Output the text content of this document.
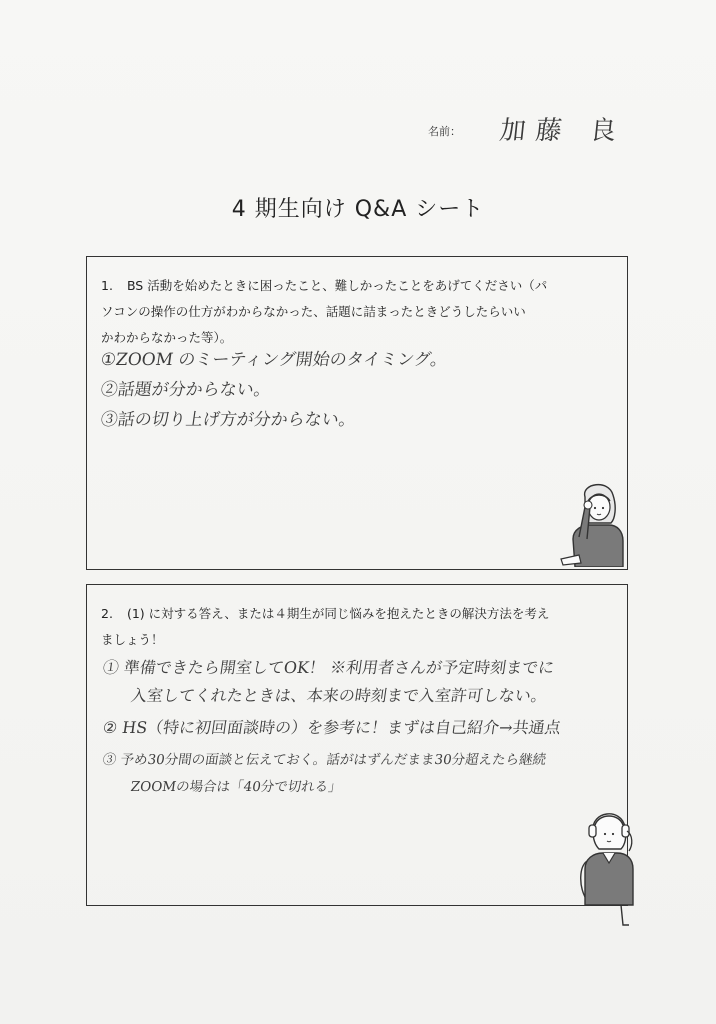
名前： 加藤 良
4 期生向け Q&A シート
1. BS 活動を始めたときに困ったこと、難しかったことをあげてください（パ
ソコンの操作の仕方がわからなかった、話題に詰まったときどうしたらいい
かわからなかった等）。
①ZOOM のミーティング開始のタイミング。
②話題が分からない。
③話の切り上げ方が分からない。
2. (1) に対する答え、または４期生が同じ悩みを抱えたときの解決方法を考え
ましょう！
① 準備できたら開室してOK！ ※利用者さんが予定時刻までに
入室してくれたときは、本来の時刻まで入室許可しない。
② HS（特に初回面談時の）を参考に！まずは自己紹介→共通点
③ 予め30分間の面談と伝えておく。話がはずんだまま30分超えたら継続
ZOOMの場合は「40分で切れる」
